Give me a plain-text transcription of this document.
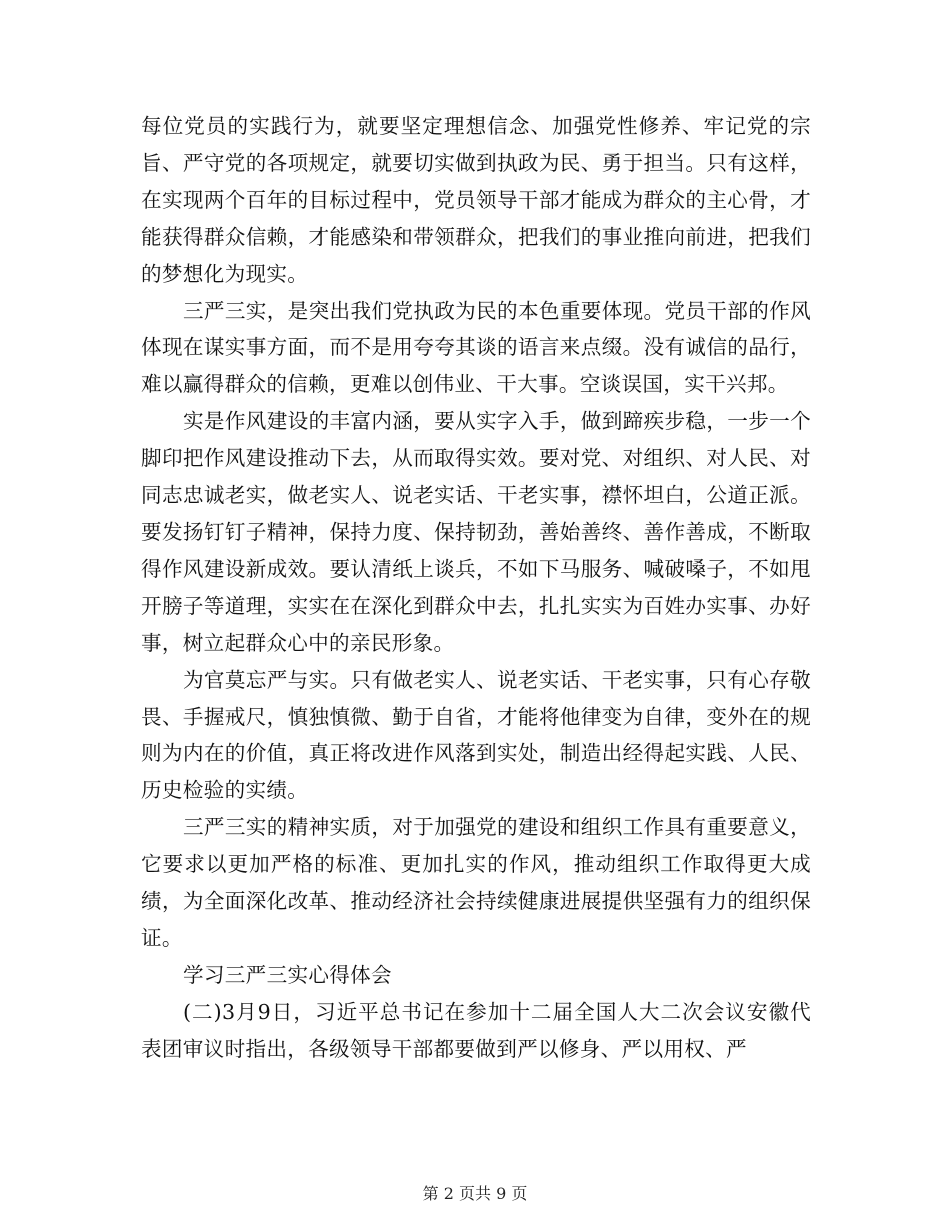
每位党员的实践行为，就要坚定理想信念、加强党性修养、牢记党的宗旨、严守党的各项规定，就要切实做到执政为民、勇于担当。只有这样，在实现两个百年的目标过程中，党员领导干部才能成为群众的主心骨，才能获得群众信赖，才能感染和带领群众，把我们的事业推向前进，把我们的梦想化为现实。

三严三实，是突出我们党执政为民的本色重要体现。党员干部的作风体现在谋实事方面，而不是用夸夸其谈的语言来点缀。没有诚信的品行，难以赢得群众的信赖，更难以创伟业、干大事。空谈误国，实干兴邦。

实是作风建设的丰富内涵，要从实字入手，做到蹄疾步稳，一步一个脚印把作风建设推动下去，从而取得实效。要对党、对组织、对人民、对同志忠诚老实，做老实人、说老实话、干老实事，襟怀坦白，公道正派。要发扬钉钉子精神，保持力度、保持韧劲，善始善终、善作善成，不断取得作风建设新成效。要认清纸上谈兵，不如下马服务、喊破嗓子，不如甩开膀子等道理，实实在在深化到群众中去，扎扎实实为百姓办实事、办好事，树立起群众心中的亲民形象。

为官莫忘严与实。只有做老实人、说老实话、干老实事，只有心存敬畏、手握戒尺，慎独慎微、勤于自省，才能将他律变为自律，变外在的规则为内在的价值，真正将改进作风落到实处，制造出经得起实践、人民、历史检验的实绩。

三严三实的精神实质，对于加强党的建设和组织工作具有重要意义，它要求以更加严格的标准、更加扎实的作风，推动组织工作取得更大成绩，为全面深化改革、推动经济社会持续健康进展提供坚强有力的组织保证。

学习三严三实心得体会

(二)3月9日，习近平总书记在参加十二届全国人大二次会议安徽代表团审议时指出，各级领导干部都要做到严以修身、严以用权、严

第 2 页共 9 页
